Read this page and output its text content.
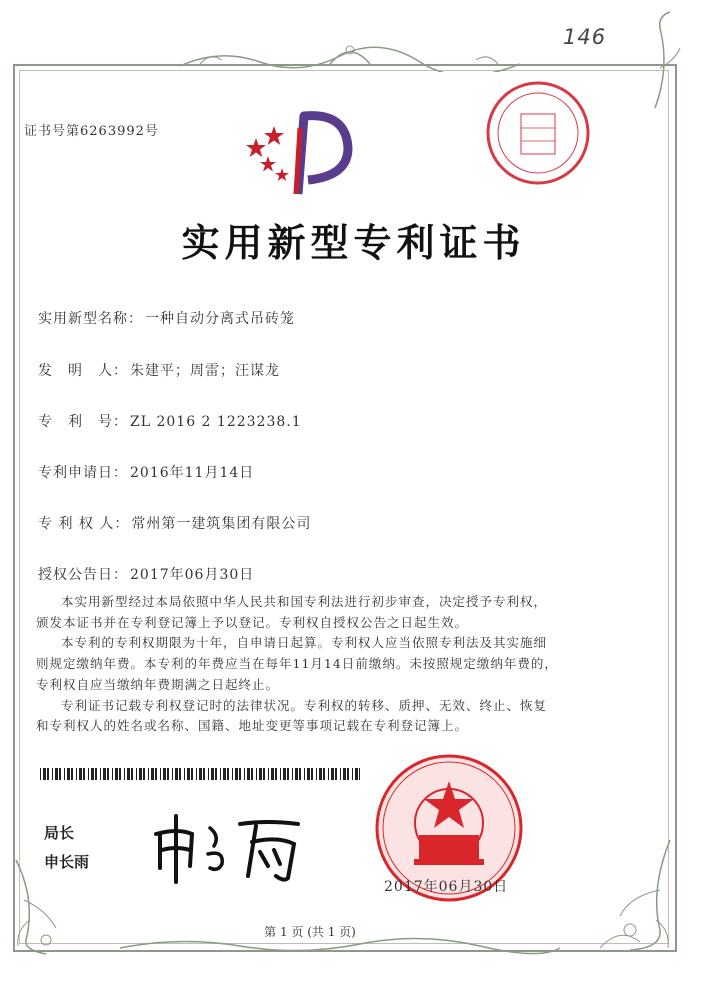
146
证书号第6263992号
实用新型专利证书
实用新型名称： 一种自动分离式吊砖笼
发　明　人： 朱建平；周雷；汪谋龙
专　利　号： ZL 2016 2 1223238.1
专利申请日： 2016年11月14日
专 利 权 人： 常州第一建筑集团有限公司
授权公告日： 2017年06月30日

本实用新型经过本局依照中华人民共和国专利法进行初步审查，决定授予专利权，颁发本证书并在专利登记簿上予以登记。专利权自授权公告之日起生效。

本专利的专利权期限为十年，自申请日起算。专利权人应当依照专利法及其实施细则规定缴纳年费。本专利的年费应当在每年11月14日前缴纳。未按照规定缴纳年费的，专利权自应当缴纳年费期满之日起终止。

专利证书记载专利权登记时的法律状况。专利权的转移、质押、无效、终止、恢复和专利权人的姓名或名称、国籍、地址变更等事项记载在专利登记簿上。

局长
申长雨
2017年06月30日
第 1 页 (共 1 页)
